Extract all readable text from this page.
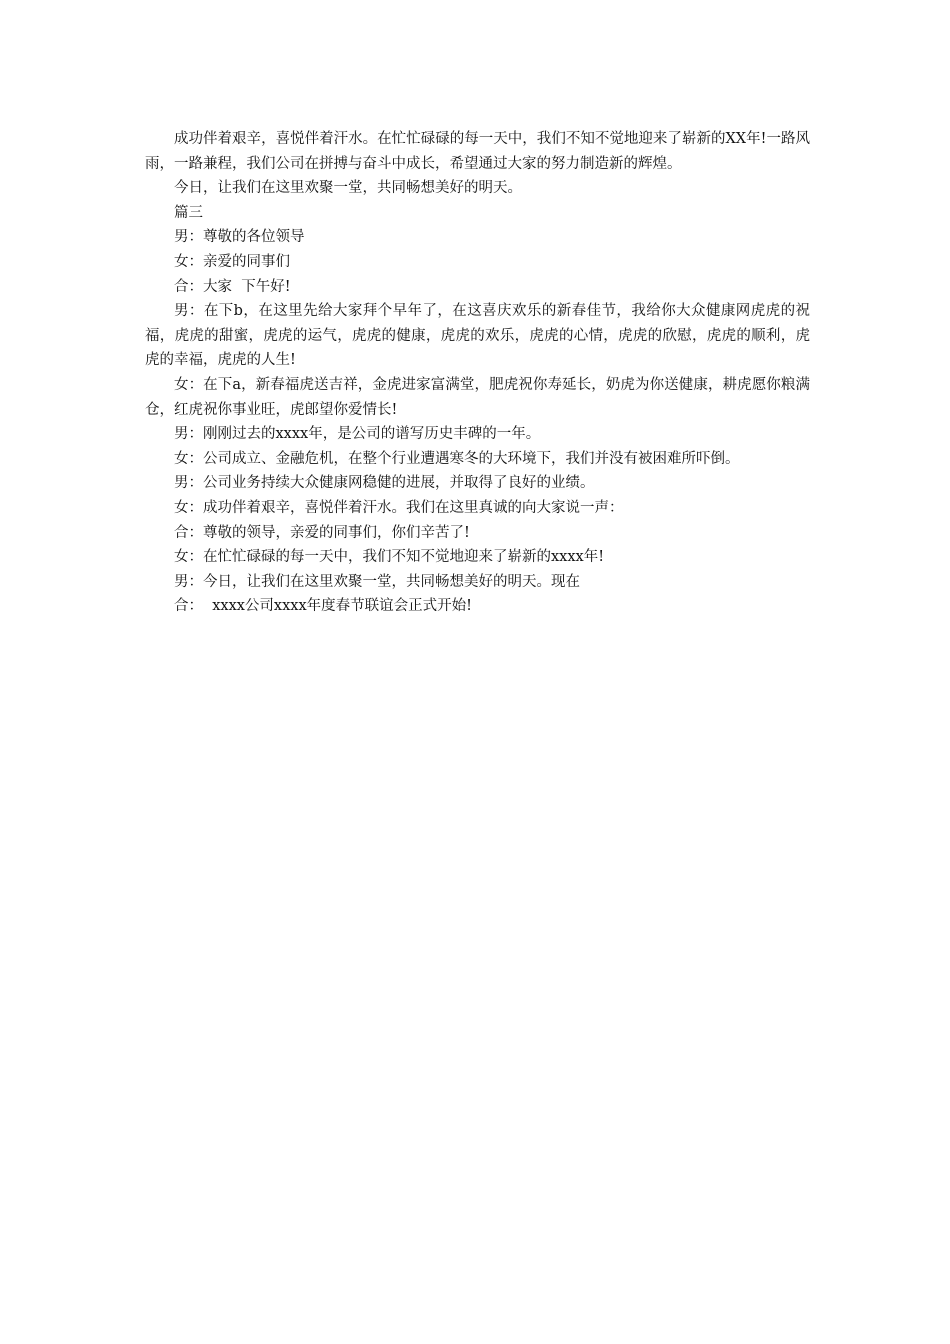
成功伴着艰辛，喜悦伴着汗水。在忙忙碌碌的每一天中，我们不知不觉地迎来了崭新的XX年!一路风雨，一路兼程，我们公司在拼搏与奋斗中成长，希望通过大家的努力制造新的辉煌。

今日，让我们在这里欢聚一堂，共同畅想美好的明天。

篇三

男：尊敬的各位领导

女：亲爱的同事们

合：大家  下午好!

男：在下b，在这里先给大家拜个早年了，在这喜庆欢乐的新春佳节，我给你大众健康网虎虎的祝福，虎虎的甜蜜，虎虎的运气，虎虎的健康，虎虎的欢乐，虎虎的心情，虎虎的欣慰，虎虎的顺利，虎虎的幸福，虎虎的人生!

女：在下a，新春福虎送吉祥，金虎进家富满堂，肥虎祝你寿延长，奶虎为你送健康，耕虎愿你粮满仓，红虎祝你事业旺，虎郎望你爱情长!

男：刚刚过去的xxxx年，是公司的谱写历史丰碑的一年。

女：公司成立、金融危机，在整个行业遭遇寒冬的大环境下，我们并没有被困难所吓倒。

男：公司业务持续大众健康网稳健的进展，并取得了良好的业绩。

女：成功伴着艰辛，喜悦伴着汗水。我们在这里真诚的向大家说一声：

合：尊敬的领导，亲爱的同事们，你们辛苦了!

女：在忙忙碌碌的每一天中，我们不知不觉地迎来了崭新的xxxx年!

男：今日，让我们在这里欢聚一堂，共同畅想美好的明天。现在

合：  xxxx公司xxxx年度春节联谊会正式开始!
